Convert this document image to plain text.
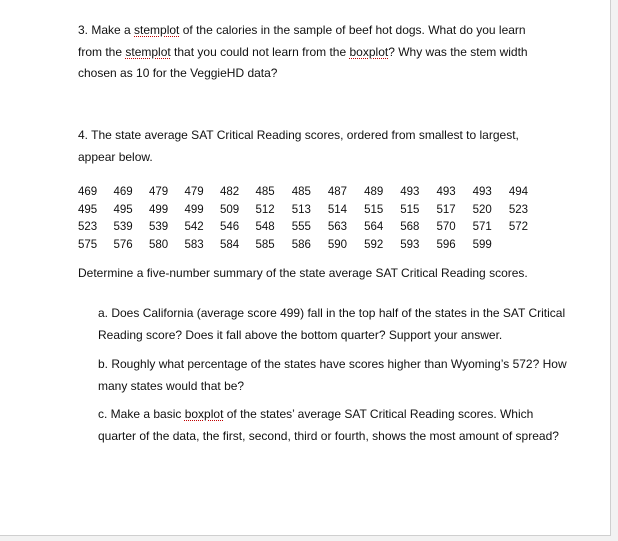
3. Make a stemplot of the calories in the sample of beef hot dogs. What do you learn from the stemplot that you could not learn from the boxplot? Why was the stem width chosen as 10 for the VeggieHD data?

4. The state average SAT Critical Reading scores, ordered from smallest to largest, appear below.

469 469 479 479 482 485 485 487 489 493 493 493 494
495 495 499 499 509 512 513 514 515 515 517 520 523
523 539 539 542 546 548 555 563 564 568 570 571 572
575 576 580 583 584 585 586 590 592 593 596 599

Determine a five-number summary of the state average SAT Critical Reading scores.

a. Does California (average score 499) fall in the top half of the states in the SAT Critical Reading score? Does it fall above the bottom quarter? Support your answer.

b. Roughly what percentage of the states have scores higher than Wyoming’s 572? How many states would that be?

c. Make a basic boxplot of the states’ average SAT Critical Reading scores. Which quarter of the data, the first, second, third or fourth, shows the most amount of spread?
